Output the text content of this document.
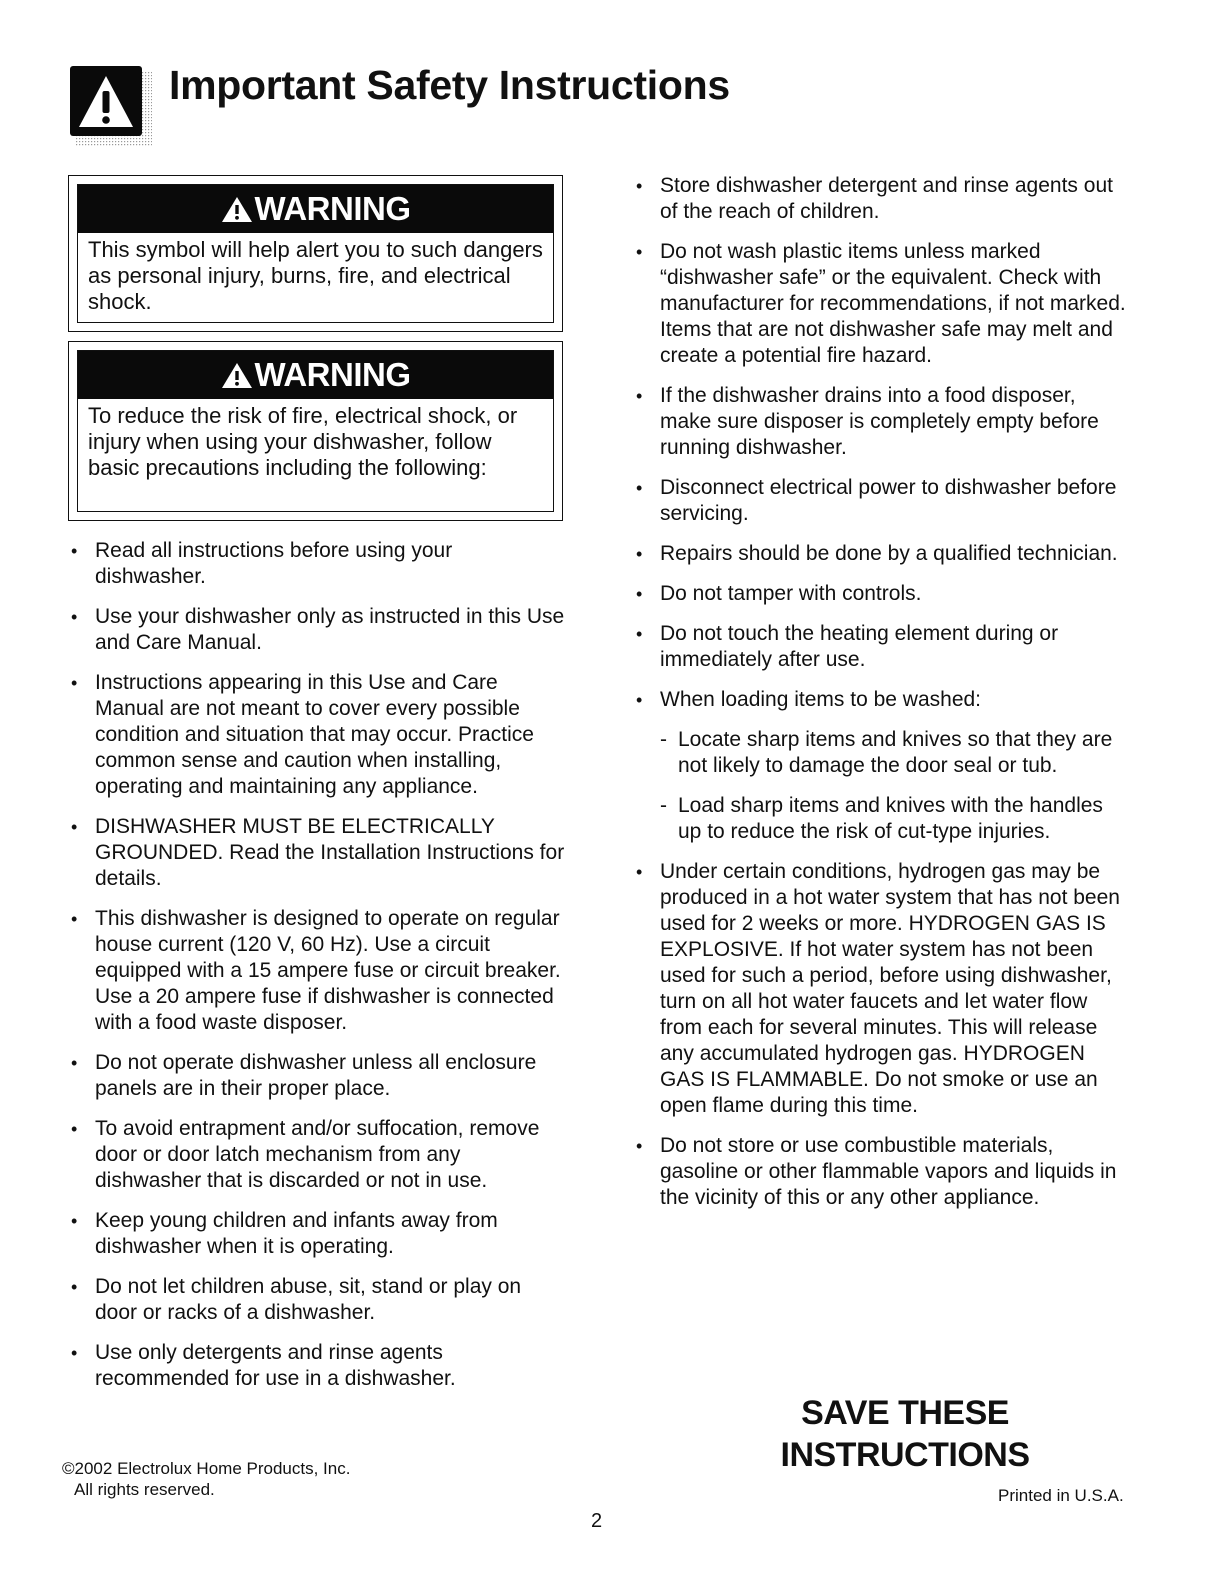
Important Safety Instructions
WARNING
This symbol will help alert you to such dangers as personal injury, burns, fire, and electrical shock.
WARNING
To reduce the risk of fire, electrical shock, or injury when using your dishwasher, follow basic precautions including the following:
• Read all instructions before using your dishwasher.
• Use your dishwasher only as instructed in this Use and Care Manual.
• Instructions appearing in this Use and Care Manual are not meant to cover every possible condition and situation that may occur. Practice common sense and caution when installing, operating and maintaining any appliance.
• DISHWASHER MUST BE ELECTRICALLY GROUNDED. Read the Installation Instructions for details.
• This dishwasher is designed to operate on regular house current (120 V, 60 Hz). Use a circuit equipped with a 15 ampere fuse or circuit breaker. Use a 20 ampere fuse if dishwasher is connected with a food waste disposer.
• Do not operate dishwasher unless all enclosure panels are in their proper place.
• To avoid entrapment and/or suffocation, remove door or door latch mechanism from any dishwasher that is discarded or not in use.
• Keep young children and infants away from dishwasher when it is operating.
• Do not let children abuse, sit, stand or play on door or racks of a dishwasher.
• Use only detergents and rinse agents recommended for use in a dishwasher.
• Store dishwasher detergent and rinse agents out of the reach of children.
• Do not wash plastic items unless marked “dishwasher safe” or the equivalent. Check with manufacturer for recommendations, if not marked. Items that are not dishwasher safe may melt and create a potential fire hazard.
• If the dishwasher drains into a food disposer, make sure disposer is completely empty before running dishwasher.
• Disconnect electrical power to dishwasher before servicing.
• Repairs should be done by a qualified technician.
• Do not tamper with controls.
• Do not touch the heating element during or immediately after use.
• When loading items to be washed:
- Locate sharp items and knives so that they are not likely to damage the door seal or tub.
- Load sharp items and knives with the handles up to reduce the risk of cut-type injuries.
• Under certain conditions, hydrogen gas may be produced in a hot water system that has not been used for 2 weeks or more. HYDROGEN GAS IS EXPLOSIVE. If hot water system has not been used for such a period, before using dishwasher, turn on all hot water faucets and let water flow from each for several minutes. This will release any accumulated hydrogen gas. HYDROGEN GAS IS FLAMMABLE. Do not smoke or use an open flame during this time.
• Do not store or use combustible materials, gasoline or other flammable vapors and liquids in the vicinity of this or any other appliance.
©2002 Electrolux Home Products, Inc.
All rights reserved.
SAVE THESE
INSTRUCTIONS
Printed in U.S.A.
2
